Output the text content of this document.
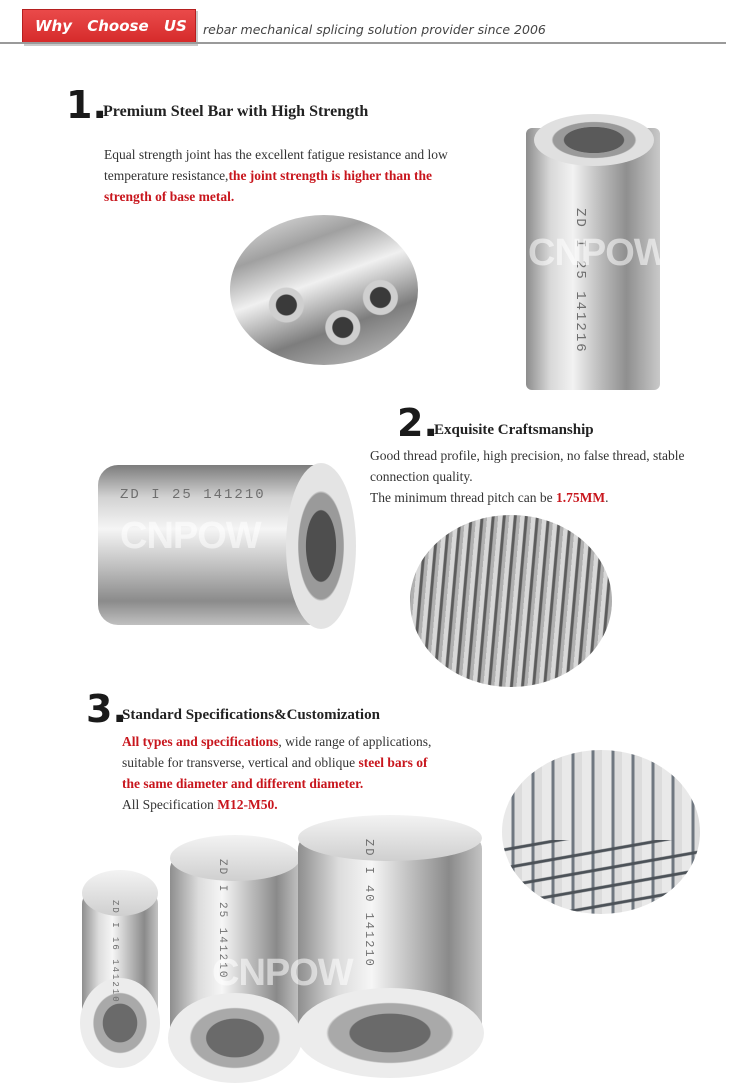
Why Choose US	rebar mechanical splicing solution provider since 2006
1.
Premium Steel Bar with High Strength
Equal strength joint has the excellent fatigue resistance and low
temperature resistance,the joint strength is higher than the
strength of base metal.
ZD I 25 141216
CNPOW
2.
Exquisite Craftsmanship
Good thread profile, high precision, no false thread, stable
connection quality.
The minimum thread pitch can be 1.75MM.
ZD I 25 141210
CNPOW
3.
Standard Specifications&Customization
All types and specifications, wide range of applications,
suitable for transverse, vertical and oblique steel bars of
the same diameter and different diameter.
All Specification M12-M50.
ZD I 16 141210	ZD I 25 141210	ZD I 40 141210
CNPOW
